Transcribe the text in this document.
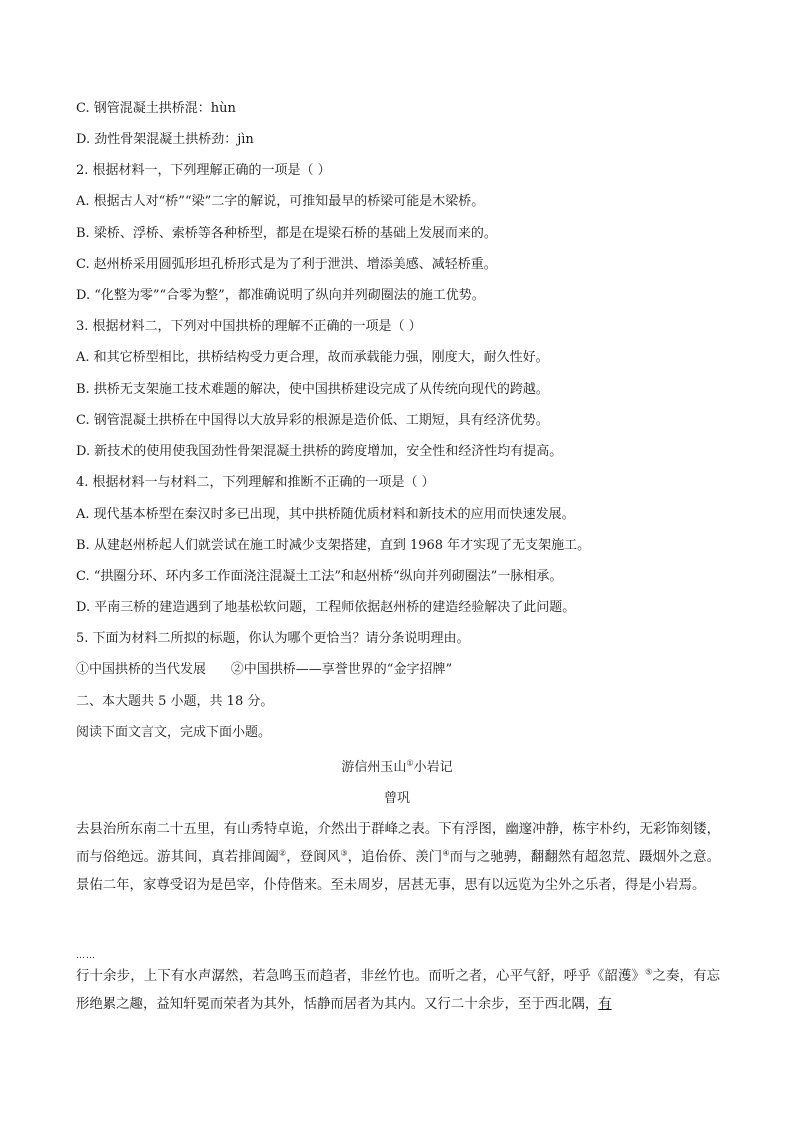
C. 钢管混凝土拱桥混：hùn
D. 劲性骨架混凝土拱桥劲：jìn
2. 根据材料一，下列理解正确的一项是（ ）
A. 根据古人对“桥”“梁”二字的解说，可推知最早的桥梁可能是木梁桥。
B. 梁桥、浮桥、索桥等各种桥型，都是在堤梁石桥的基础上发展而来的。
C. 赵州桥采用圆弧形坦孔桥形式是为了利于泄洪、增添美感、减轻桥重。
D. “化整为零”“合零为整”，都准确说明了纵向并列砌圈法的施工优势。
3. 根据材料二，下列对中国拱桥的理解不正确的一项是（ ）
A. 和其它桥型相比，拱桥结构受力更合理，故而承载能力强，刚度大，耐久性好。
B. 拱桥无支架施工技术难题的解决，使中国拱桥建设完成了从传统向现代的跨越。
C. 钢管混凝土拱桥在中国得以大放异彩的根源是造价低、工期短，具有经济优势。
D. 新技术的使用使我国劲性骨架混凝土拱桥的跨度增加，安全性和经济性均有提高。
4. 根据材料一与材料二，下列理解和推断不正确的一项是（ ）
A. 现代基本桥型在秦汉时多已出现，其中拱桥随优质材料和新技术的应用而快速发展。
B. 从建赵州桥起人们就尝试在施工时减少支架搭建，直到 1968 年才实现了无支架施工。
C. “拱圈分环、环内多工作面浇注混凝土工法”和赵州桥“纵向并列砌圈法”一脉相承。
D. 平南三桥的建造遇到了地基松软问题，工程师依据赵州桥的建造经验解决了此问题。
5. 下面为材料二所拟的标题，你认为哪个更恰当？请分条说明理由。
①中国拱桥的当代发展      ②中国拱桥——享誉世界的“金字招牌”
二、本大题共 5 小题，共 18 分。
阅读下面文言文，完成下面小题。
游信州玉山①小岩记
曾巩
去县治所东南二十五里，有山秀特卓诡，介然出于群峰之表。下有浮图，幽邃冲静，栋宇朴约，无彩饰刻镂，而与俗绝远。游其间，真若排阊阖②，登阆风③，追佁侨、羡门④而与之驰骋，翻翻然有超忽荒、蹑烟外之意。景佑二年，家尊受诏为是邑宰，仆侍偕来。至未周岁，居甚无事，思有以远览为尘外之乐者，得是小岩焉。
……
行十余步，上下有水声潺然，若急鸣玉而趋者，非丝竹也。而听之者，心平气舒，呼乎《韶濩》⑤之奏，有忘形绝累之趣，益知轩冕而荣者为其外，恬静而居者为其内。又行二十余步，至于西北隅，有
